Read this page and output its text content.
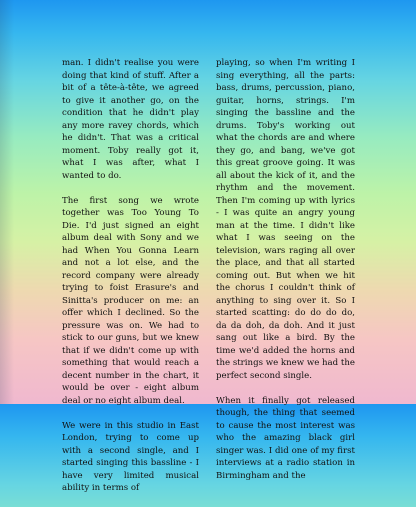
man. I didn't realise you were doing that kind of stuff. After a bit of a tête-à-tête, we agreed to give it another go, on the condition that he didn't play any more ravey chords, which he didn't. That was a critical moment. Toby really got it, what I was after, what I wanted to do.

The first song we wrote together was Too Young To Die. I'd just signed an eight album deal with Sony and we had When You Gonna Learn and not a lot else, and the record company were already trying to foist Erasure's and Sinitta's producer on me: an offer which I declined. So the pressure was on. We had to stick to our guns, but we knew that if we didn't come up with something that would reach a decent number in the chart, it would be over - eight album deal or no eight album deal.

We were in this studio in East London, trying to come up with a second single, and I started singing this bassline - I have very limited musical ability in terms of

playing, so when I'm writing I sing everything, all the parts: bass, drums, percussion, piano, guitar, horns, strings. I'm singing the bassline and the drums. Toby's working out what the chords are and where they go, and bang, we've got this great groove going. It was all about the kick of it, and the rhythm and the movement. Then I'm coming up with lyrics - I was quite an angry young man at the time. I didn't like what I was seeing on the television, wars raging all over the place, and that all started coming out. But when we hit the chorus I couldn't think of anything to sing over it. So I started scatting: do do do do, da da doh, da doh. And it just sang out like a bird. By the time we'd added the horns and the strings we knew we had the perfect second single.

When it finally got released though, the thing that seemed to cause the most interest was who the amazing black girl singer was. I did one of my first interviews at a radio station in Birmingham and the
